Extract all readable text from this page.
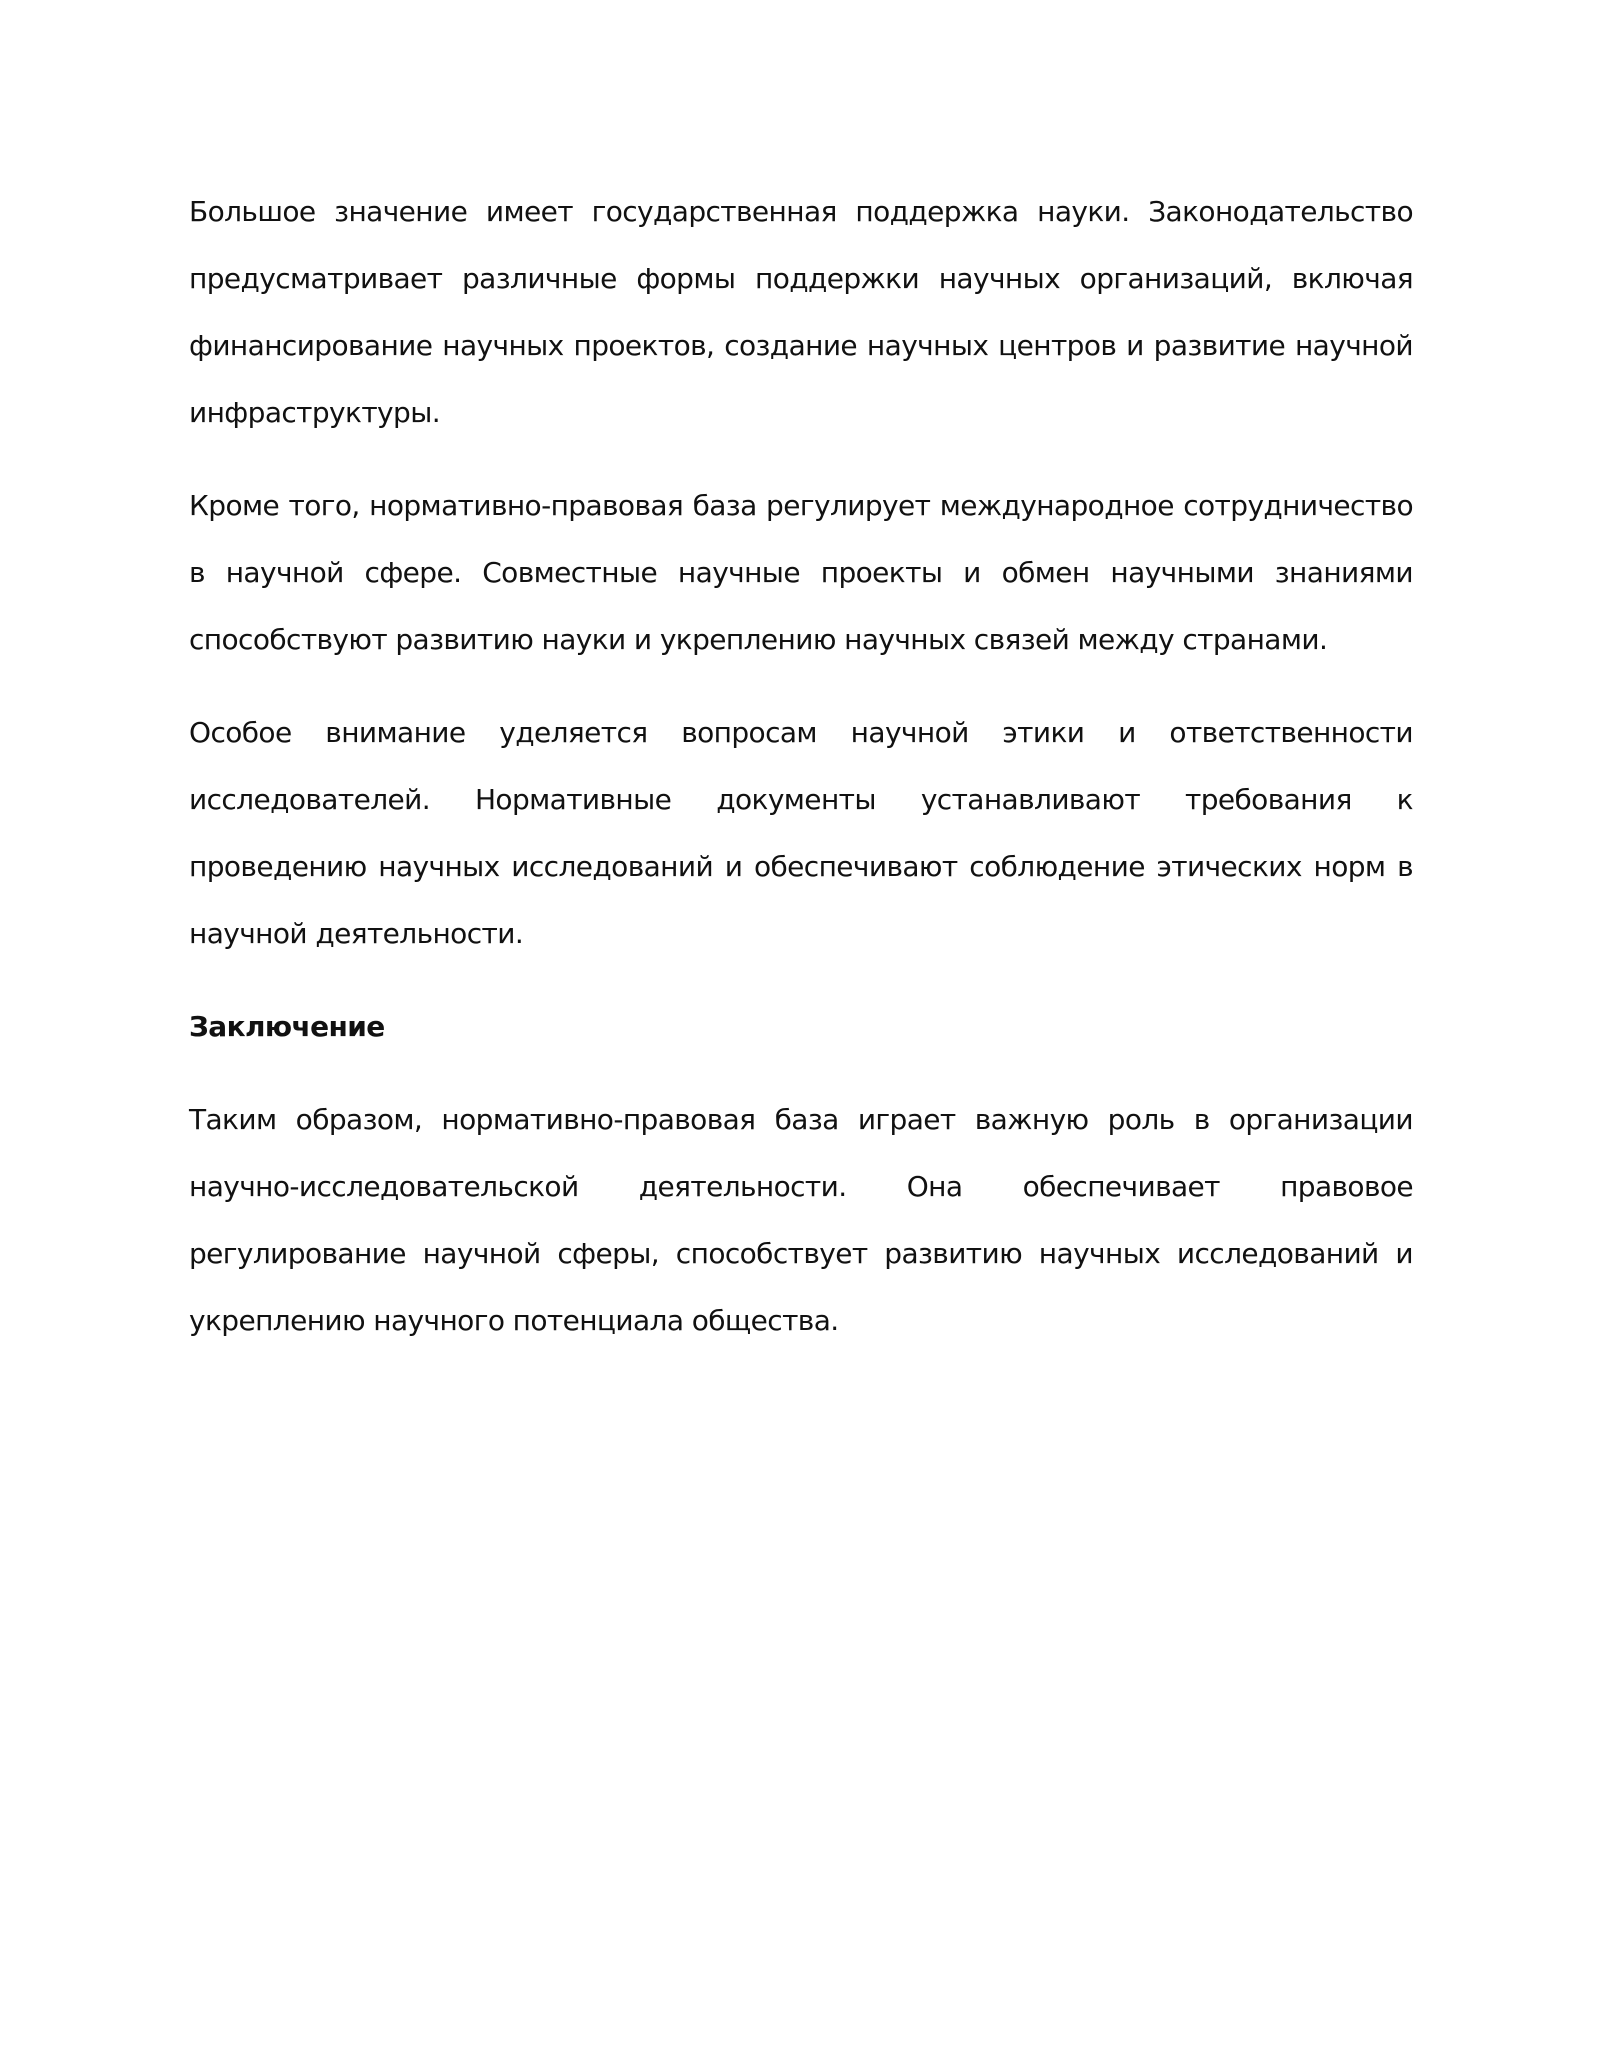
Большое значение имеет государственная поддержка науки. Законодательство предусматривает различные формы поддержки научных организаций, включая финансирование научных проектов, создание научных центров и развитие научной инфраструктуры.

Кроме того, нормативно-правовая база регулирует международное сотрудничество в научной сфере. Совместные научные проекты и обмен научными знаниями способствуют развитию науки и укреплению научных связей между странами.

Особое внимание уделяется вопросам научной этики и ответственности исследователей. Нормативные документы устанавливают требования к проведению научных исследований и обеспечивают соблюдение этических норм в научной деятельности.

Заключение

Таким образом, нормативно-правовая база играет важную роль в организации научно-исследовательской деятельности. Она обеспечивает правовое регулирование научной сферы, способствует развитию научных исследований и укреплению научного потенциала общества.
